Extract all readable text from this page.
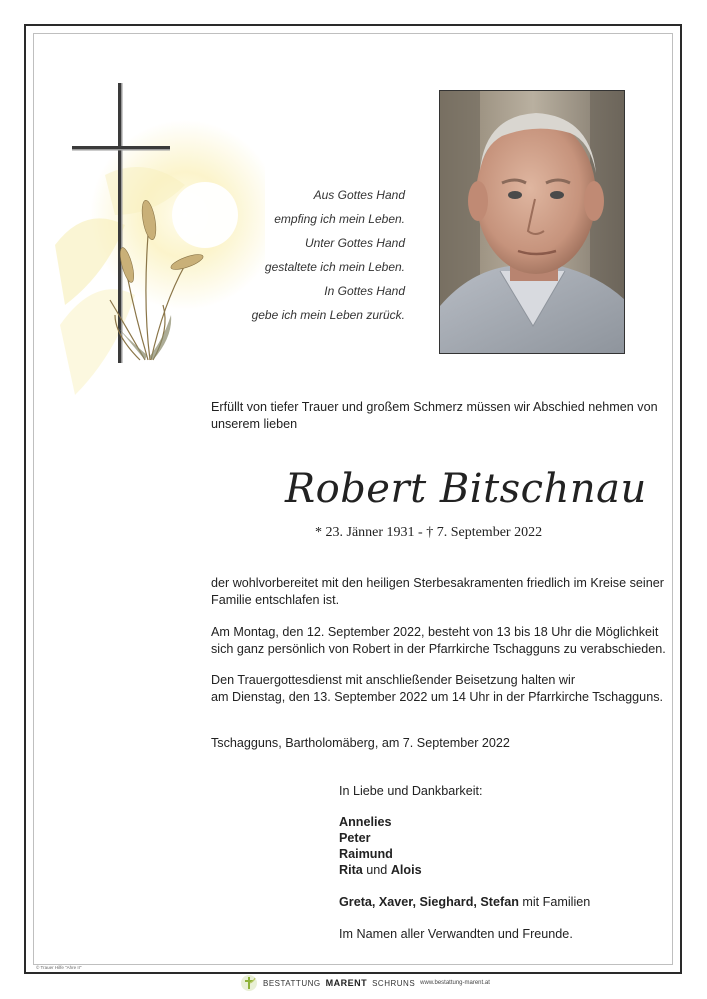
Aus Gottes Hand
empfing ich mein Leben.
Unter Gottes Hand
gestaltete ich mein Leben.
In Gottes Hand
gebe ich mein Leben zurück.
Erfüllt von tiefer Trauer und großem Schmerz müssen wir Abschied nehmen von unserem lieben
Robert Bitschnau
* 23. Jänner 1931 - † 7. September 2022
der wohlvorbereitet mit den heiligen Sterbesakramenten friedlich im Kreise seiner Familie entschlafen ist.
Am Montag, den 12. September 2022, besteht von 13 bis 18 Uhr die Möglichkeit sich ganz persönlich von Robert in der Pfarrkirche Tschagguns zu verabschieden.
Den Trauergottesdienst mit anschließender Beisetzung halten wir
am Dienstag, den 13. September 2022 um 14 Uhr in der Pfarrkirche Tschagguns.
Tschagguns, Bartholomäberg, am 7. September 2022
In Liebe und Dankbarkeit:
Annelies
Peter
Raimund
Rita und Alois
Greta, Xaver, Sieghard, Stefan mit Familien
Im Namen aller Verwandten und Freunde.
© Trauer Hilfe "Ahre II"
BESTATTUNG MARENT SCHRUNS www.bestattung-marent.at
